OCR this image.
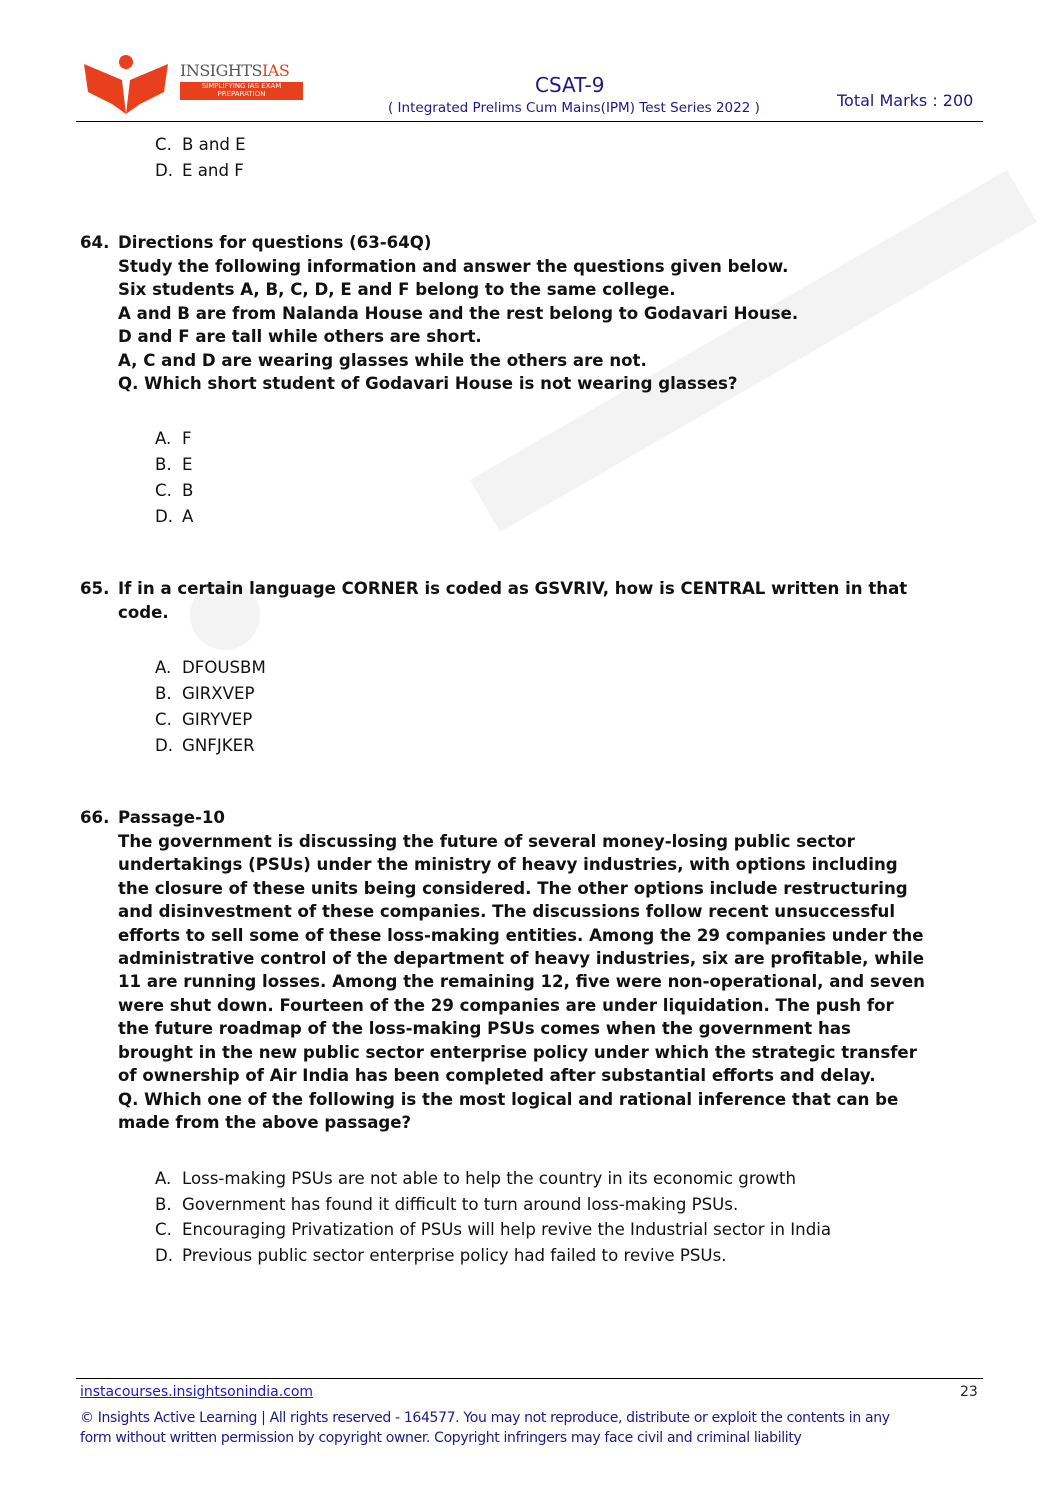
INSIGHTSIAS
SIMPLIFYING IAS EXAM PREPARATION	CSAT-9
( Integrated Prelims Cum Mains(IPM) Test Series 2022 )	Total Marks : 200
C. B and E
D. E and F
64. Directions for questions (63-64Q)
Study the following information and answer the questions given below.
Six students A, B, C, D, E and F belong to the same college.
A and B are from Nalanda House and the rest belong to Godavari House.
D and F are tall while others are short.
A, C and D are wearing glasses while the others are not.
Q. Which short student of Godavari House is not wearing glasses?
A. F
B. E
C. B
D. A
65. If in a certain language CORNER is coded as GSVRIV, how is CENTRAL written in that
code.
A. DFOUSBM
B. GIRXVEP
C. GIRYVEP
D. GNFJKER
66. Passage-10
The government is discussing the future of several money-losing public sector
undertakings (PSUs) under the ministry of heavy industries, with options including
the closure of these units being considered. The other options include restructuring
and disinvestment of these companies. The discussions follow recent unsuccessful
efforts to sell some of these loss-making entities. Among the 29 companies under the
administrative control of the department of heavy industries, six are profitable, while
11 are running losses. Among the remaining 12, five were non-operational, and seven
were shut down. Fourteen of the 29 companies are under liquidation. The push for
the future roadmap of the loss-making PSUs comes when the government has
brought in the new public sector enterprise policy under which the strategic transfer
of ownership of Air India has been completed after substantial efforts and delay.
Q. Which one of the following is the most logical and rational inference that can be
made from the above passage?
A. Loss-making PSUs are not able to help the country in its economic growth
B. Government has found it difficult to turn around loss-making PSUs.
C. Encouraging Privatization of PSUs will help revive the Industrial sector in India
D. Previous public sector enterprise policy had failed to revive PSUs.
instacourses.insightsonindia.com	23
© Insights Active Learning | All rights reserved - 164577. You may not reproduce, distribute or exploit the contents in any
form without written permission by copyright owner. Copyright infringers may face civil and criminal liability
